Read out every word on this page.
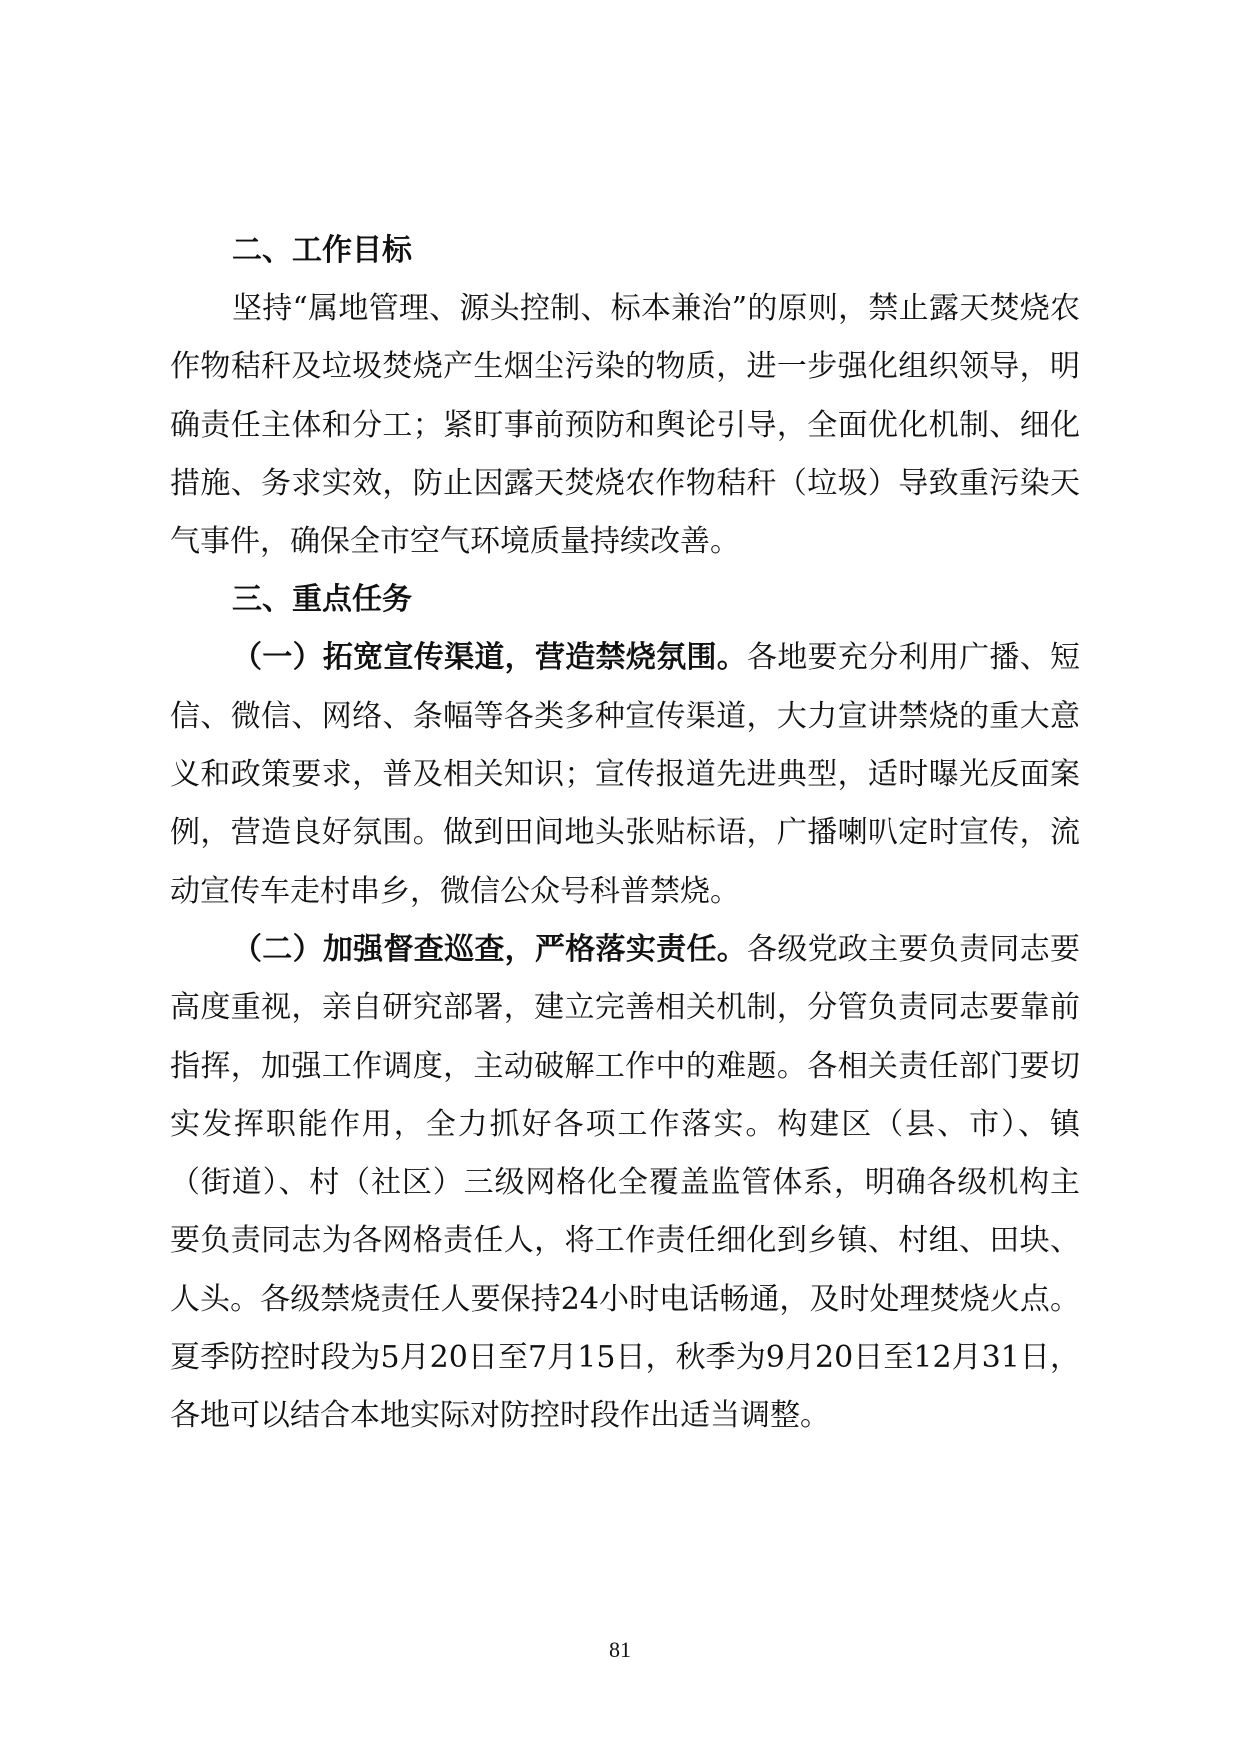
二、工作目标

坚持“属地管理、源头控制、标本兼治”的原则，禁止露天焚烧农作物秸秆及垃圾焚烧产生烟尘污染的物质，进一步强化组织领导，明确责任主体和分工；紧盯事前预防和舆论引导，全面优化机制、细化措施、务求实效，防止因露天焚烧农作物秸秆（垃圾）导致重污染天气事件，确保全市空气环境质量持续改善。

三、重点任务

（一）拓宽宣传渠道，营造禁烧氛围。各地要充分利用广播、短信、微信、网络、条幅等各类多种宣传渠道，大力宣讲禁烧的重大意义和政策要求，普及相关知识；宣传报道先进典型，适时曝光反面案例，营造良好氛围。做到田间地头张贴标语，广播喇叭定时宣传，流动宣传车走村串乡，微信公众号科普禁烧。

（二）加强督查巡查，严格落实责任。各级党政主要负责同志要高度重视，亲自研究部署，建立完善相关机制，分管负责同志要靠前指挥，加强工作调度，主动破解工作中的难题。各相关责任部门要切实发挥职能作用，全力抓好各项工作落实。构建区（县、市）、镇（街道）、村（社区）三级网格化全覆盖监管体系，明确各级机构主要负责同志为各网格责任人，将工作责任细化到乡镇、村组、田块、人头。各级禁烧责任人要保持24小时电话畅通，及时处理焚烧火点。夏季防控时段为5月20日至7月15日，秋季为9月20日至12月31日，各地可以结合本地实际对防控时段作出适当调整。

81
